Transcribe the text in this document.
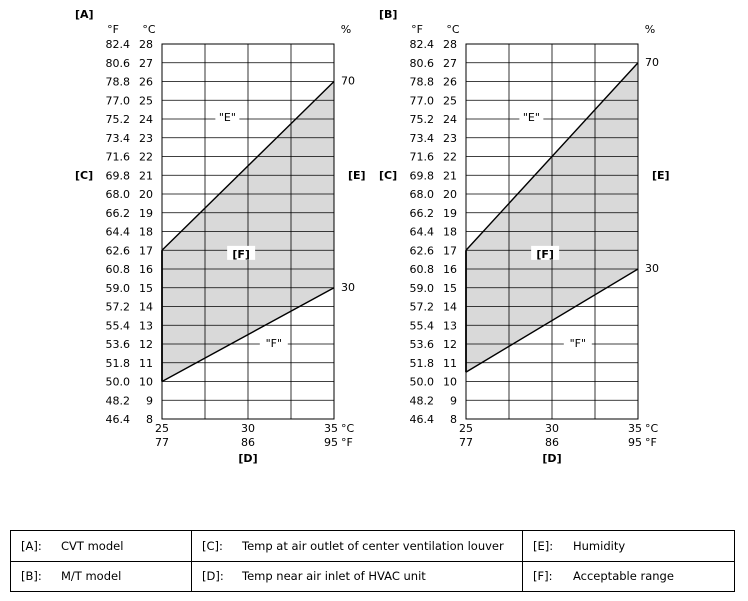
82.4 28
80.6 27
78.8 26
77.0 25
75.2 24
73.4 23
71.6 22
69.8 21
68.0 20
66.2 19
64.4 18
62.6 17
60.8 16
59.0 15
57.2 14
55.4 13
53.6 12
51.8 11
50.0 10
48.2 9
46.4 8
°F °C	%
[A]
[C]	[E]
[D]
70
30
25
77
30
86
35
95
°C
°F
"E"
"F"
[F]
82.4 28
80.6 27
78.8 26
77.0 25
75.2 24
73.4 23
71.6 22
69.8 21
68.0 20
66.2 19
64.4 18
62.6 17
60.8 16
59.0 15
57.2 14
55.4 13
53.6 12
51.8 11
50.0 10
48.2 9
46.4 8
°F °C	%
[B]
[C]	[E]
[D]
70
30
25
77
30
86
35
95
°C
°F
"E"
"F"
[F]
[A]: CVT model	[C]: Temp at air outlet of center ventilation louver	[E]: Humidity
[B]: M/T model	[D]: Temp near air inlet of HVAC unit	[F]: Acceptable range
